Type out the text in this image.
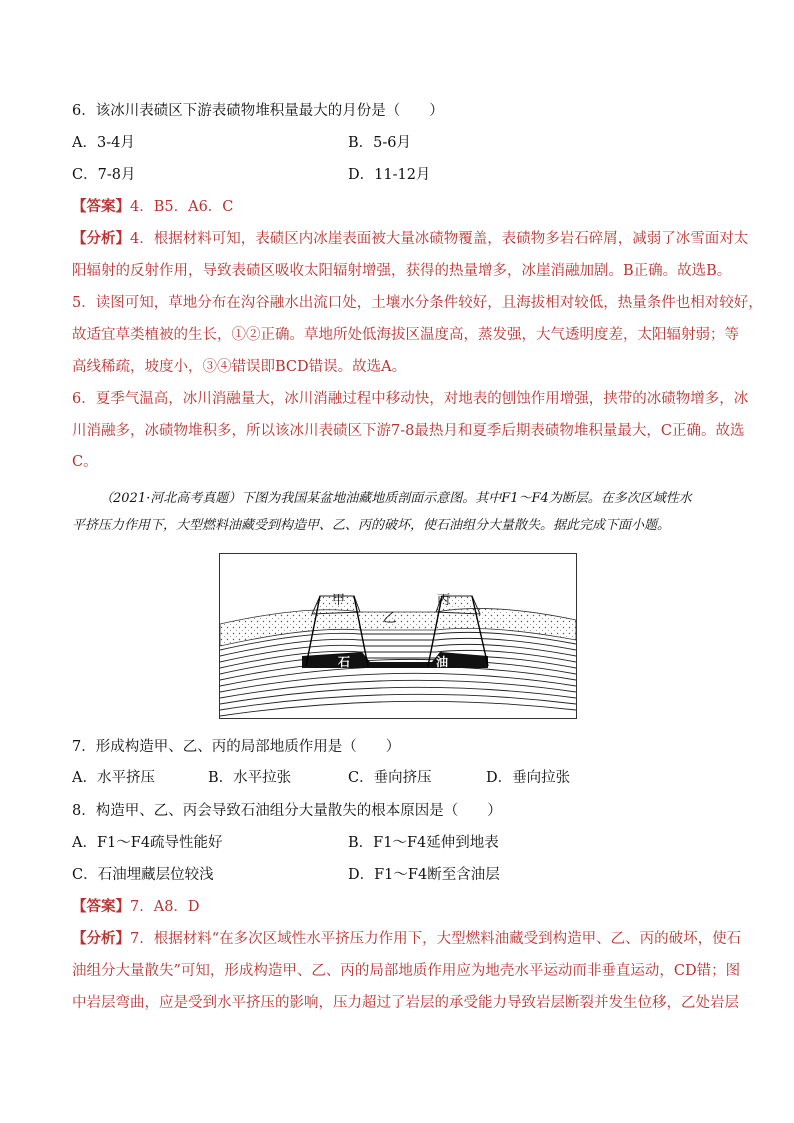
6．该冰川表碛区下游表碛物堆积量最大的月份是（　　）
A．3-4月	B．5-6月
C．7-8月	D．11-12月
【答案】4．B5．A6．C
【分析】4．根据材料可知，表碛区内冰崖表面被大量冰碛物覆盖，表碛物多岩石碎屑，减弱了冰雪面对太
阳辐射的反射作用，导致表碛区吸收太阳辐射增强，获得的热量增多，冰崖消融加剧。B正确。故选B。
5．读图可知，草地分布在沟谷融水出流口处，土壤水分条件较好，且海拔相对较低，热量条件也相对较好，
故适宜草类植被的生长，①②正确。草地所处低海拔区温度高，蒸发强，大气透明度差，太阳辐射弱；等
高线稀疏，坡度小，③④错误即BCD错误。故选A。
6．夏季气温高，冰川消融量大，冰川消融过程中移动快，对地表的刨蚀作用增强，挟带的冰碛物增多，冰
川消融多，冰碛物堆积多，所以该冰川表碛区下游7-8最热月和夏季后期表碛物堆积量最大，C正确。故选
C。
（2021·河北高考真题）下图为我国某盆地油藏地质剖面示意图。其中F1～F4为断层。在多次区域性水
平挤压力作用下，大型燃料油藏受到构造甲、乙、丙的破坏，使石油组分大量散失。据此完成下面小题。
甲
乙
丙
石	油
7．形成构造甲、乙、丙的局部地质作用是（　　）
A．水平挤压	B．水平拉张	C．垂向挤压	D．垂向拉张
8．构造甲、乙、丙会导致石油组分大量散失的根本原因是（　　）
A．F1～F4疏导性能好	B．F1～F4延伸到地表
C．石油埋藏层位较浅	D．F1～F4断至含油层
【答案】7．A8．D
【分析】7．根据材料“在多次区域性水平挤压力作用下，大型燃料油藏受到构造甲、乙、丙的破坏，使石
油组分大量散失”可知，形成构造甲、乙、丙的局部地质作用应为地壳水平运动而非垂直运动，CD错；图
中岩层弯曲，应是受到水平挤压的影响，压力超过了岩层的承受能力导致岩层断裂并发生位移，乙处岩层
